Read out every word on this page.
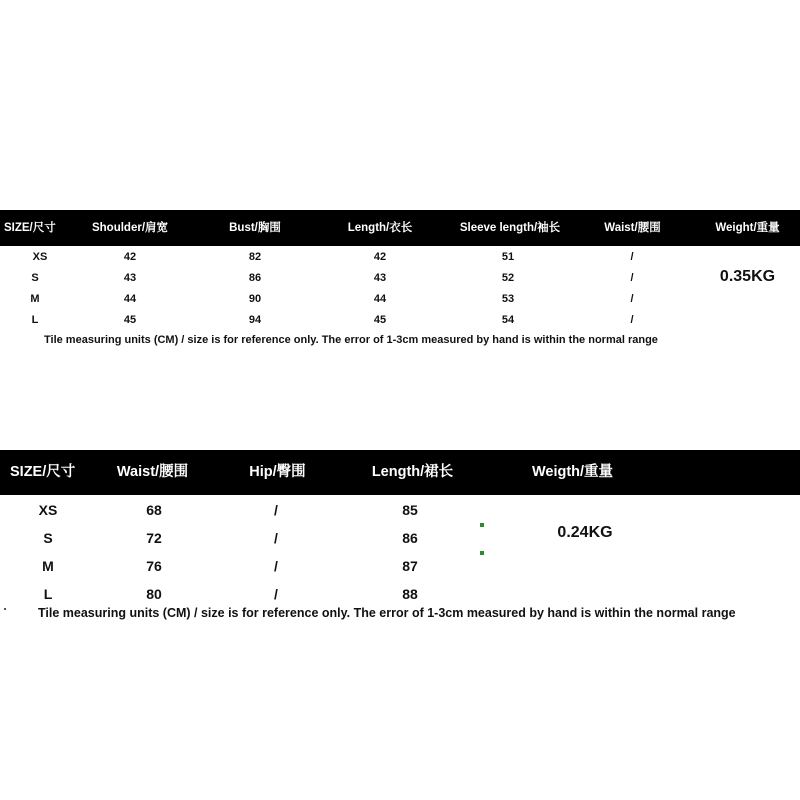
SIZE/尺寸	Shoulder/肩宽	Bust/胸围	Length/衣长	Sleeve length/袖长	Waist/腰围	Weight/重量
XS	42	82	42	51	/
S	43	86	43	52	/
M	44	90	44	53	/
L	45	94	45	54	/
0.35KG
Tile measuring units (CM) / size is for reference only. The error of 1-3cm measured by hand is within the normal range
SIZE/尺寸	Waist/腰围	Hip/臀围	Length/裙长	Weigth/重量
XS	68	/	85
S	72	/	86
M	76	/	87
L	80	/	88
0.24KG
Tile measuring units (CM) / size is for reference only. The error of 1-3cm measured by hand is within the normal range
